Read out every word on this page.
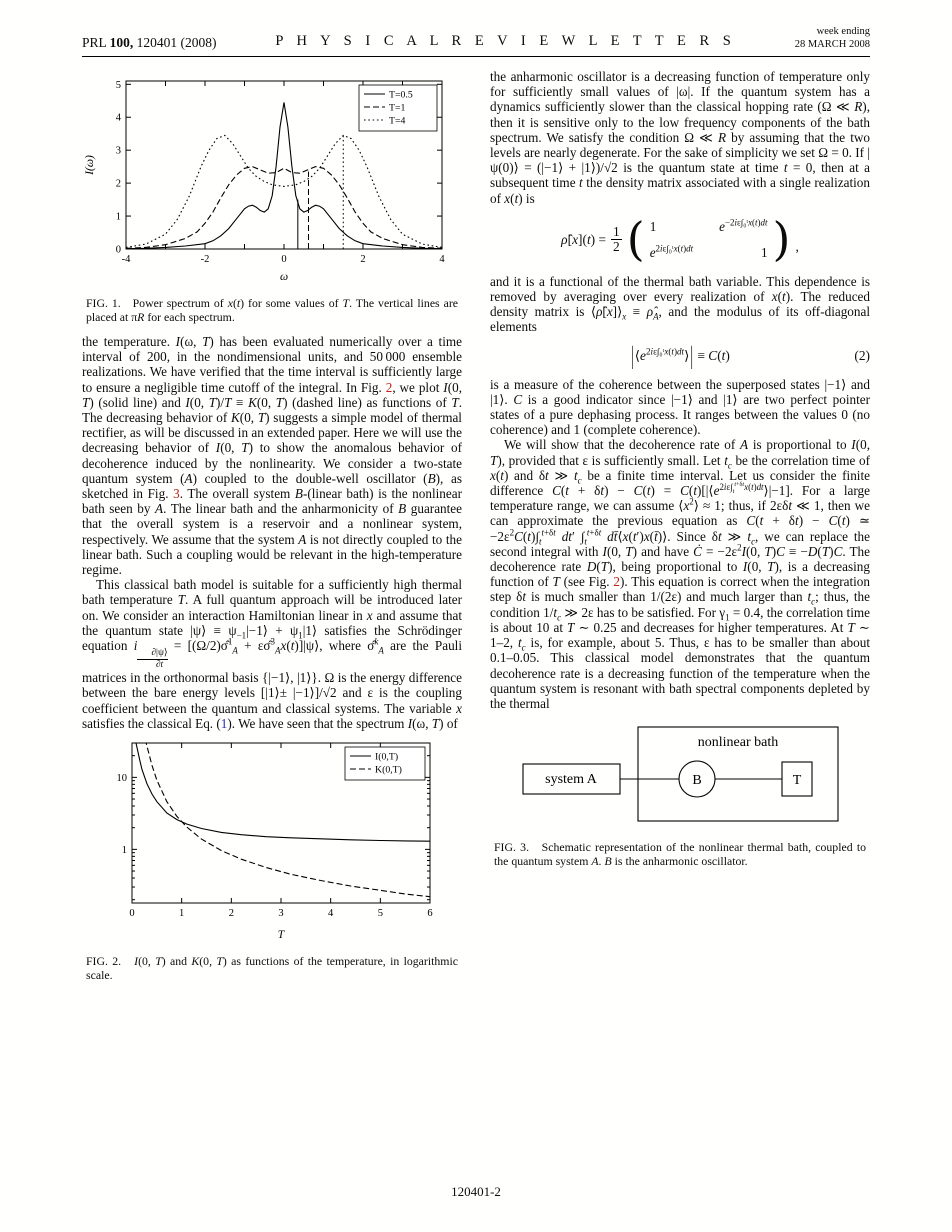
PRL 100, 120401 (2008)	P H Y S I C A L R E V I E W L E T T E R S
week ending
28 MARCH 2008
-4	-2	0	2	4
0
1
2
3
4
5
ω
I(ω)
T=0.5
T=1
T=4

FIG. 1.   Power spectrum of x(t) for some values of T. The vertical lines are placed at πR for each spectrum.

the temperature. I(ω, T) has been evaluated numerically over a time interval of 200, in the nondimensional units, and 50 000 ensemble realizations. We have verified that the time interval is sufficiently large to ensure a negligible time cutoff of the integral. In Fig. 2, we plot I(0, T) (solid line) and I(0, T)/T ≡ K(0, T) (dashed line) as functions of T. The decreasing behavior of K(0, T) suggests a simple model of thermal rectifier, as will be discussed in an extended paper. Here we will use the decreasing behavior of I(0, T) to show the anomalous behavior of decoherence induced by the nonlinearity. We consider a two-state quantum system (A) coupled to the double-well oscillator (B), as sketched in Fig. 3. The overall system B-(linear bath) is the nonlinear bath seen by A. The linear bath and the anharmonicity of B guarantee that the overall system is a reservoir and a nonlinear system, respectively. We assume that the system A is not directly coupled to the linear bath. Such a coupling would be relevant in the high-temperature regime.

This classical bath model is suitable for a sufficiently high thermal bath temperature T. A full quantum approach will be introduced later on. We consider an interaction Hamiltonian linear in x and assume that the quantum state |ψ⟩ ≡ $\psi_{-1}|-1⟩$ + $\psi_1|1⟩$ satisfies the Schrödinger equation i
$\frac{\partial|\psi⟩}{\partial t}$
= [(Ω/2)σ̂$^1_A$ + εσ̂$^3_A$x(t)]|ψ⟩, where σ̂$^k_A$ are the Pauli matrices in the orthonormal basis {|−1⟩, |1⟩}. Ω is the energy difference between the bare energy levels [|1⟩± |−1⟩]/√2 and ε is the coupling coefficient between the quantum and classical systems. The variable x satisfies the classical Eq. (1). We have seen that the spectrum I(ω, T) of

0	1	2	3	4	5	6
1
10
T
I(0,T)
K(0,T)

FIG. 2.   I(0, T) and K(0, T) as functions of the temperature, in logarithmic scale.

the anharmonic oscillator is a decreasing function of temperature only for sufficiently small values of |ω|. If the quantum system has a dynamics sufficiently slower than the classical hopping rate (Ω ≪ R), then it is sensitive only to the low frequency components of the bath spectrum. We satisfy the condition Ω ≪ R by assuming that the two levels are nearly degenerate. For the sake of simplicity we set Ω = 0. If |ψ(0)⟩ = (|−1⟩ + |1⟩)/√2 is the quantum state at time t = 0, then at a subsequent time t the density matrix associated with a single realization of x(t) is

ρ̂[x](t) = $\frac{1}{2}$ ( 1	$e^{-2i\varepsilon\int_0ᵗx(t)dt}$
$e^{2i\varepsilon\int_0ᵗx(t)dt}$	1 ) ,

and it is a functional of the thermal bath variable. This dependence is removed by averaging over every realization of x(t). The reduced density matrix is $⟨\rhô[x]⟩_x$ ≡ $\rhô_A$, and the modulus of its off-diagonal elements

$|⟨e^{2i\varepsilon\int_0ᵗx(t)dt}⟩| \equiv C(t)$	(2)

is a measure of the coherence between the superposed states |−1⟩ and |1⟩. C is a good indicator since |−1⟩ and |1⟩ are two perfect pointer states of a pure dephasing process. It ranges between the values 0 (no coherence) and 1 (complete coherence).

We will show that the decoherence rate of A is proportional to I(0, T), provided that ε is sufficiently small. Let $t_c$ be the correlation time of x(t) and δt ≫ $t_c$ be a finite time interval. Let us consider the finite difference $C(t + \delta t) - C(t) = C(t)[|⟨e^{2i\varepsilon\int_t^{t+\delta t}x(t)dt}⟩|-1]$. For a large temperature range, we can assume $⟨x^2⟩ \approx 1$; thus, if 2εδt ≪ 1, then we can approximate the previous equation as C(t + δt) − C(t) ≃ $-2\varepsilon^2C(t)\int_t^{t+\delta t}$ dt′ $\int_t^{t+\delta t}$ dt̄⟨x(t′)x(t̄)⟩. Since δt ≫ $t_c$, we can replace the second integral with I(0, T) and have Ċ = $-2\varepsilon^2I(0$, T)C ≡ −D(T)C. The decoherence rate D(T), being proportional to I(0, T), is a decreasing function of T (see Fig. 2). This equation is correct when the integration step δt is much smaller than 1/(2ε) and much larger than $t_c$; thus, the condition $1/t_c$ ≫ 2ε has to be satisfied. For $\gamma_1 = 0.4$, the correlation time is about 10 at T ∼ 0.25 and decreases for higher temperatures. At T ∼ 1–2, $t_c$ is, for example, about 5. Thus, ε has to be smaller than about 0.1–0.05. This classical model demonstrates that the quantum decoherence rate is a decreasing function of the temperature when the quantum system is resonant with bath spectral components depleted by the thermal

system A
nonlinear bath
B	T

FIG. 3.   Schematic representation of the nonlinear thermal bath, coupled to the quantum system A. B is the anharmonic oscillator.

120401-2
